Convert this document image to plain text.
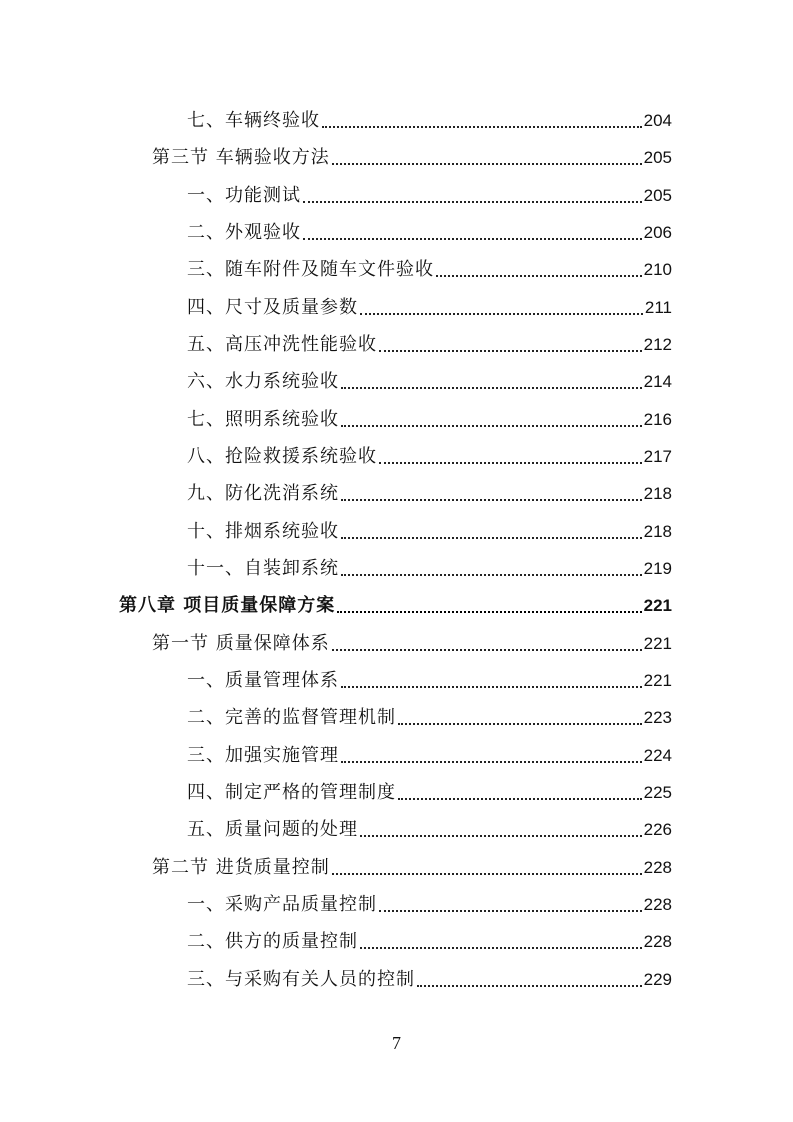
七、车辆终验收	204
第三节 车辆验收方法	205
一、功能测试	205
二、外观验收	206
三、随车附件及随车文件验收	210
四、尺寸及质量参数	211
五、高压冲洗性能验收	212
六、水力系统验收	214
七、照明系统验收	216
八、抢险救援系统验收	217
九、防化洗消系统	218
十、排烟系统验收	218
十一、自装卸系统	219
第八章 项目质量保障方案	221
第一节 质量保障体系	221
一、质量管理体系	221
二、完善的监督管理机制	223
三、加强实施管理	224
四、制定严格的管理制度	225
五、质量问题的处理	226
第二节 进货质量控制	228
一、采购产品质量控制	228
二、供方的质量控制	228
三、与采购有关人员的控制	229
7
